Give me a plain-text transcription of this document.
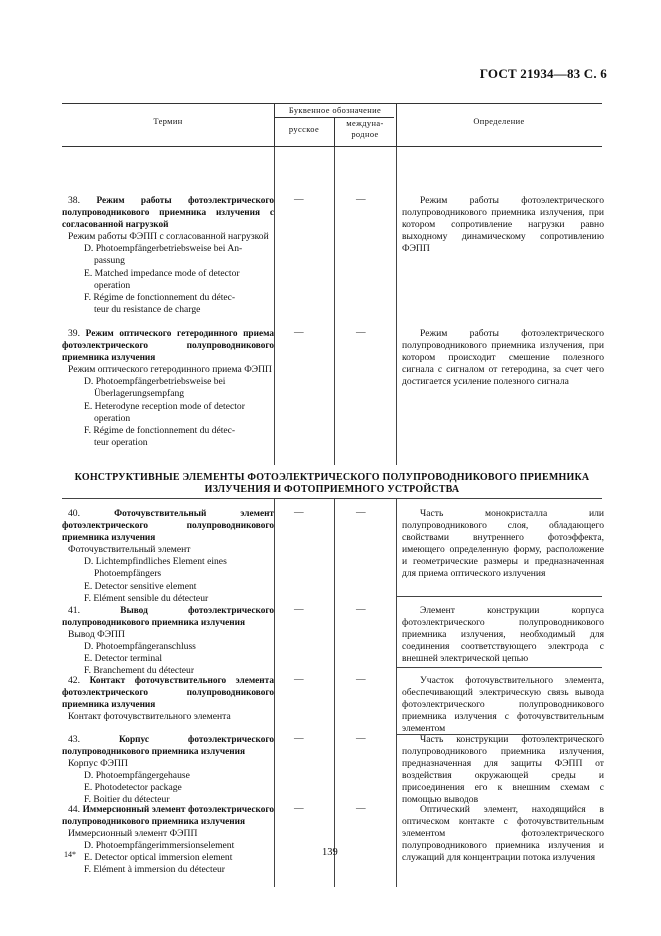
ГОСТ 21934—83 С. 6
Термин
Буквенное обозначение
русское
междуна-
родное
Определение
КОНСТРУКТИВНЫЕ ЭЛЕМЕНТЫ ФОТОЭЛЕКТРИЧЕСКОГО ПОЛУПРОВОДНИКОВОГО ПРИЕМНИКА ИЗЛУЧЕНИЯ И ФОТОПРИЕМНОГО УСТРОЙСТВА

38. Режим работы фотоэлектрического полупроводникового приемника излучения с согласованной нагрузкой

Режим работы ФЭПП с согласованной нагрузкой

D. Photoempfängerbetriebsweise bei An-

passung

E. Matched impedance mode of detector

operation

F. Régime de fonctionnement du détec-

teur du resistance de charge

—	—	Режим работы фотоэлектрического полупроводникового приемника излучения, при котором сопротивление нагрузки равно выходному динамическому сопротивлению ФЭПП

39. Режим оптического гетеродинного приема фотоэлектрического полупроводникового приемника излучения

Режим оптического гетеродинного приема ФЭПП

D. Photoempfängerbetriebsweise bei

Überlagerungsempfang

E. Heterodyne reception mode of detector

operation

F. Régime de fonctionnement du détec-

teur operation

—	—	Режим работы фотоэлектрического полупроводникового приемника излучения, при котором происходит смешение полезного сигнала с сигналом от гетеродина, за счет чего достигается усиление полезного сигнала

40.	Фоточувствительный элемент фотоэлектрического полупроводникового приемника излучения

Фоточувствительный элемент

D. Lichtempfindliches Element eines

Photoempfängers

E. Detector sensitive element

F. Elément sensible du détecteur

—	—	Часть монокристалла или полупроводникового слоя, обладающего свойствами внутреннего фотоэффекта, имеющего определенную форму, расположение и геометрические размеры и предназначенная для приема оптического излучения

41.	Вывод фотоэлектрического полупроводникового приемника излучения

Вывод ФЭПП

D. Photoempfängeranschluss

E. Detector terminal

F. Branchement du détecteur

—	—	Элемент конструкции корпуса фотоэлектрического полупроводникового приемника излучения, необходимый для соединения соответствующего электрода с внешней электрической цепью

42. Контакт фоточувствительного элемента фотоэлектрического полупроводникового приемника излучения

Контакт фоточувствительного элемента

—	—	Участок фоточувствительного элемента, обеспечивающий электрическую связь вывода фотоэлектрического полупроводникового приемника излучения с фоточувствительным элементом

43.	Корпус фотоэлектрического полупроводникового приемника излучения

Корпус ФЭПП

D. Photoempfängergehause

E. Photodetector package

F. Boitier du détecteur

—	—	Часть конструкции фотоэлектрического полупроводникового приемника излучения, предназначенная для защиты ФЭПП от воздействия окружающей среды и присоединения его к внешним схемам с помощью выводов

44. Иммерсионный элемент фотоэлектрического полупроводникового приемника излучения

Иммерсионный элемент ФЭПП

D. Photoempfängerimmersionselement

E. Detector optical immersion element

F. Elément à immersion du détecteur

—	—	Оптический элемент, находящийся в оптическом контакте с фоточувствительным элементом фотоэлектрического полупроводникового приемника излучения и служащий для концентрации потока излучения
14*	139
